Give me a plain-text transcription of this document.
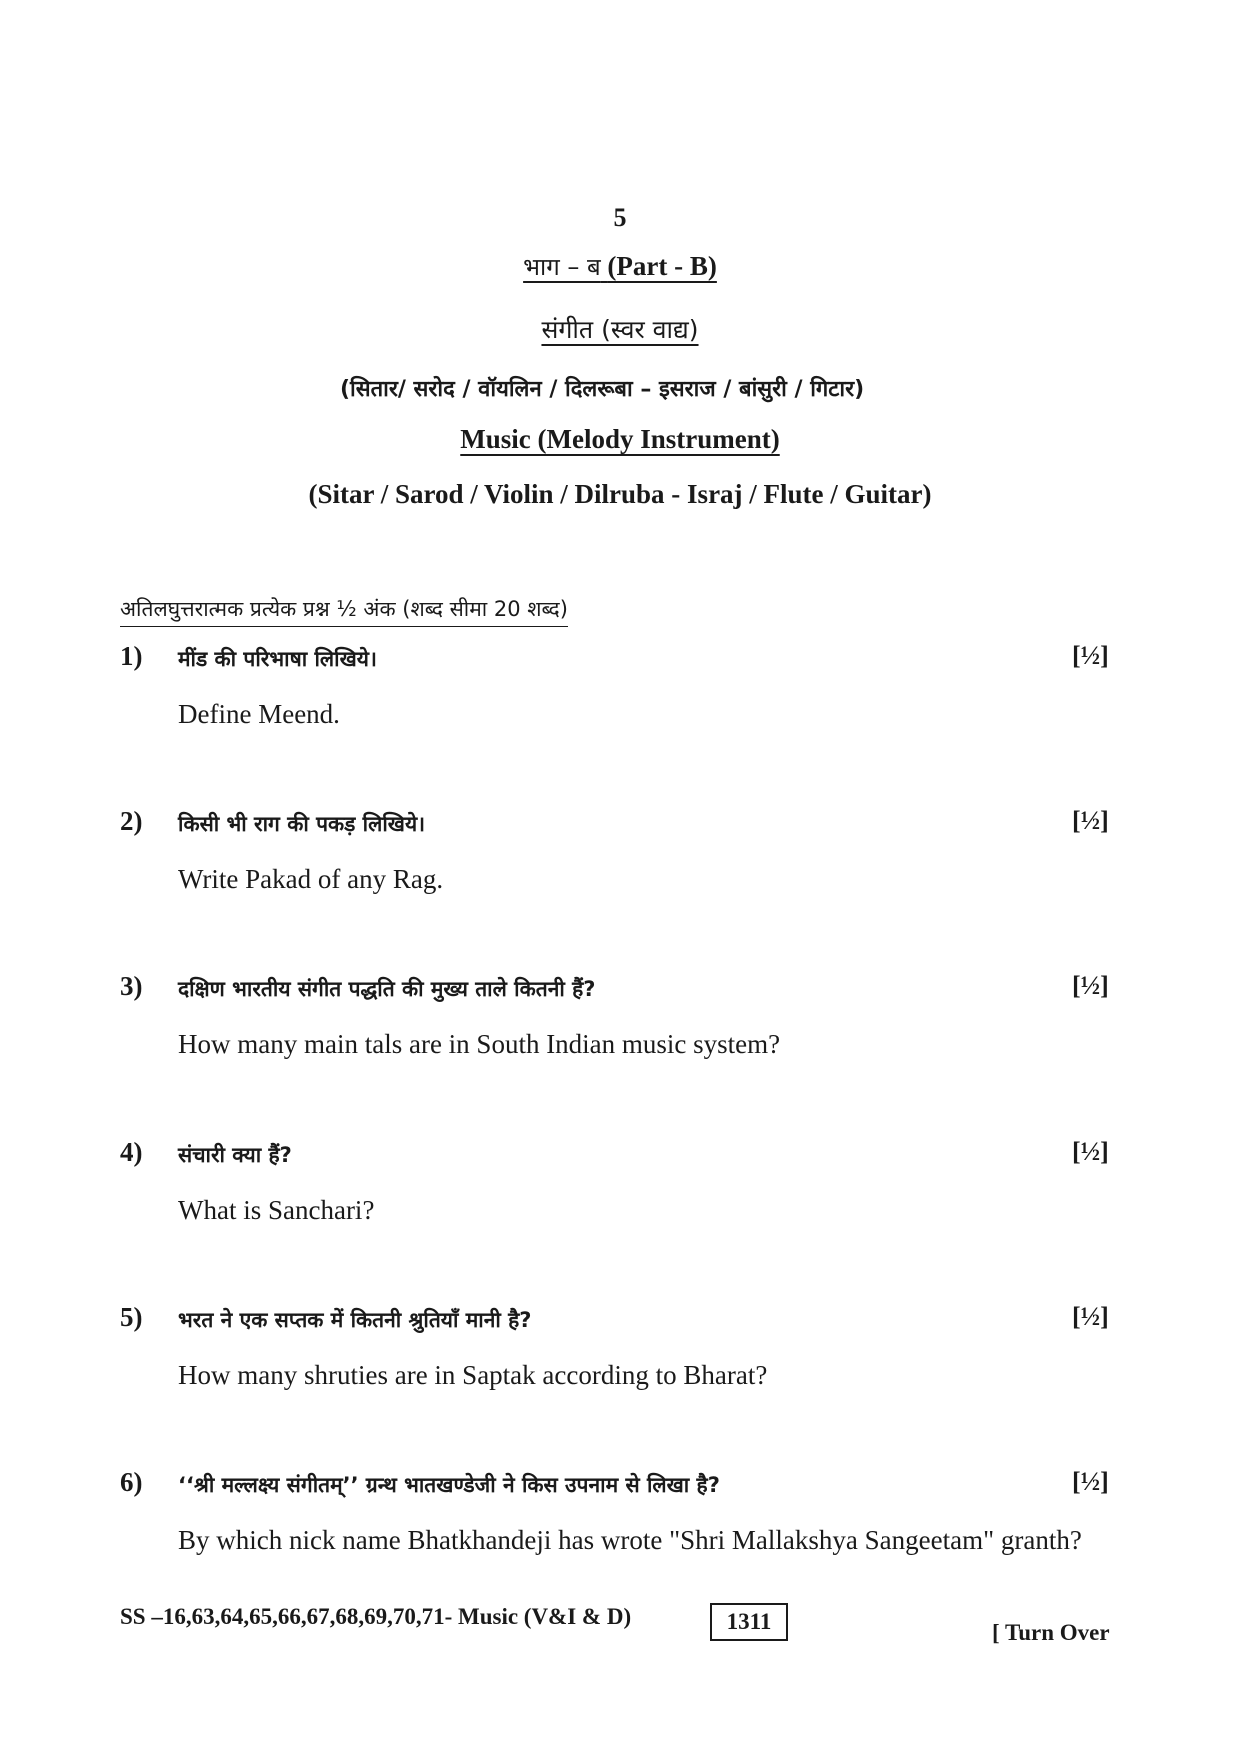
5
भाग – ब (Part - B)
संगीत (स्वर वाद्य)
(सितार/ सरोद / वॉयलिन / दिलरूबा – इसराज / बांसुरी / गिटार)
Music (Melody Instrument)
(Sitar / Sarod / Violin / Dilruba - Israj / Flute / Guitar)
अतिलघुत्तरात्मक प्रत्येक प्रश्न ½ अंक (शब्द सीमा 20 शब्द)
1) मींड की परिभाषा लिखिये।	[½]
Define Meend.
2) किसी भी राग की पकड़ लिखिये।	[½]
Write Pakad of any Rag.
3) दक्षिण भारतीय संगीत पद्धति की मुख्य ताले कितनी हैं?	[½]
How many main tals are in South Indian music system?
4) संचारी क्या हैं?	[½]
What is Sanchari?
5) भरत ने एक सप्तक में कितनी श्रुतियाँ मानी है?	[½]
How many shruties are in Saptak according to Bharat?
6) ‘‘श्री मल्लक्ष्य संगीतम्’’ ग्रन्थ भातखण्डेजी ने किस उपनाम से लिखा है?	[½]
By which nick name Bhatkhandeji has wrote "Shri Mallakshya Sangeetam" granth?
SS –16,63,64,65,66,67,68,69,70,71- Music (V&I & D)	1311	[ Turn Over
